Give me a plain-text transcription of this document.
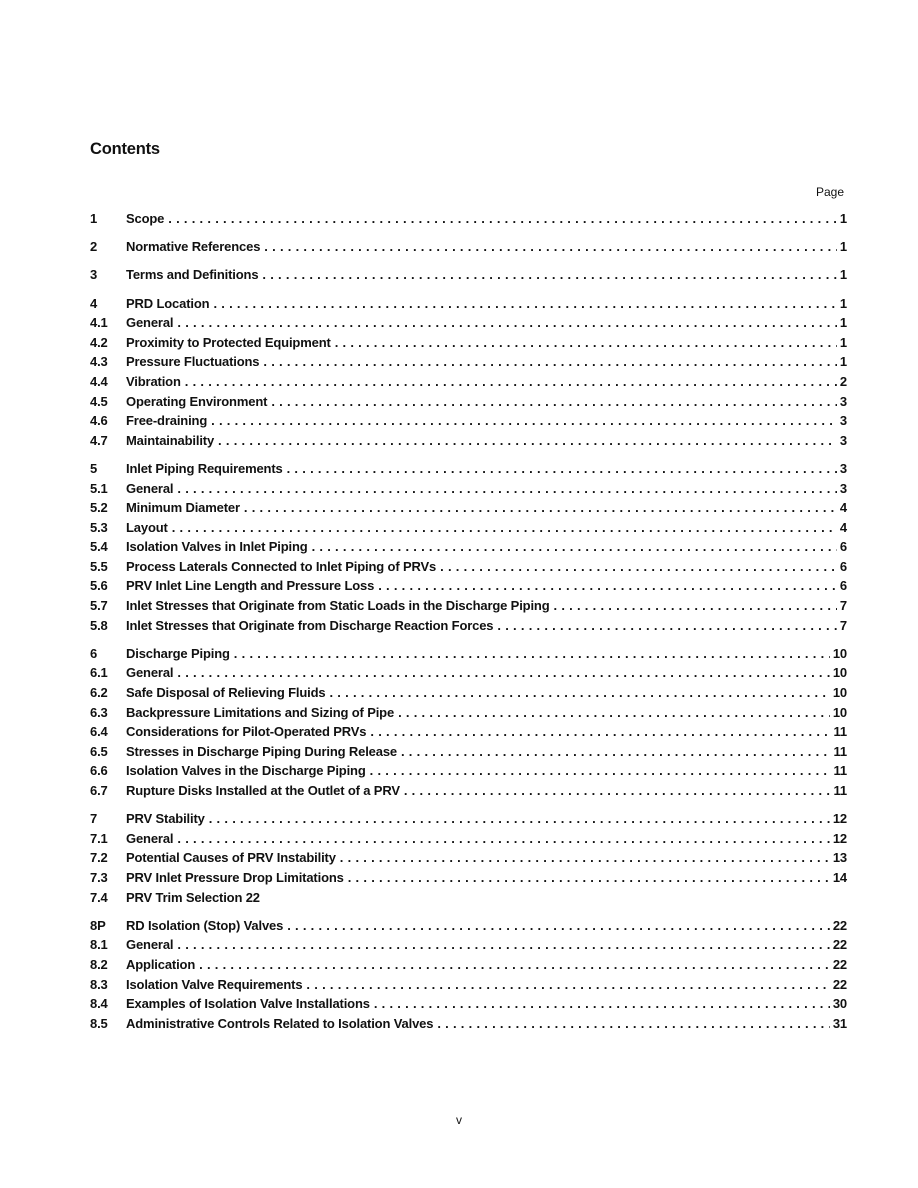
Contents
Page
1	Scope . . .	1
2	Normative References . . .	1
3	Terms and Definitions . . .	1
4	PRD Location . . .	1
4.1	General . . .	1
4.2	Proximity to Protected Equipment . . .	1
4.3	Pressure Fluctuations . . .	1
4.4	Vibration . . .	2
4.5	Operating Environment . . .	3
4.6	Free-draining . . .	3
4.7	Maintainability . . .	3
5	Inlet Piping Requirements . . .	3
5.1	General . . .	3
5.2	Minimum Diameter . . .	4
5.3	Layout . . .	4
5.4	Isolation Valves in Inlet Piping . . .	6
5.5	Process Laterals Connected to Inlet Piping of PRVs . . .	6
5.6	PRV Inlet Line Length and Pressure Loss . . .	6
5.7	Inlet Stresses that Originate from Static Loads in the Discharge Piping . . .	7
5.8	Inlet Stresses that Originate from Discharge Reaction Forces . . .	7
6	Discharge Piping . . .	10
6.1	General . . .	10
6.2	Safe Disposal of Relieving Fluids . . .	10
6.3	Backpressure Limitations and Sizing of Pipe . . .	10
6.4	Considerations for Pilot-Operated PRVs . . .	11
6.5	Stresses in Discharge Piping During Release . . .	11
6.6	Isolation Valves in the Discharge Piping . . .	11
6.7	Rupture Disks Installed at the Outlet of a PRV . . .	11
7	PRV Stability . . .	12
7.1	General . . .	12
7.2	Potential Causes of PRV Instability . . .	13
7.3	PRV Inlet Pressure Drop Limitations . . .	14
7.4	PRV Trim Selection 22
8P	RD Isolation (Stop) Valves . . .	22
8.1	General . . .	22
8.2	Application . . .	22
8.3	Isolation Valve Requirements . . .	22
8.4	Examples of Isolation Valve Installations . . .	30
8.5	Administrative Controls Related to Isolation Valves . . .	31
v
